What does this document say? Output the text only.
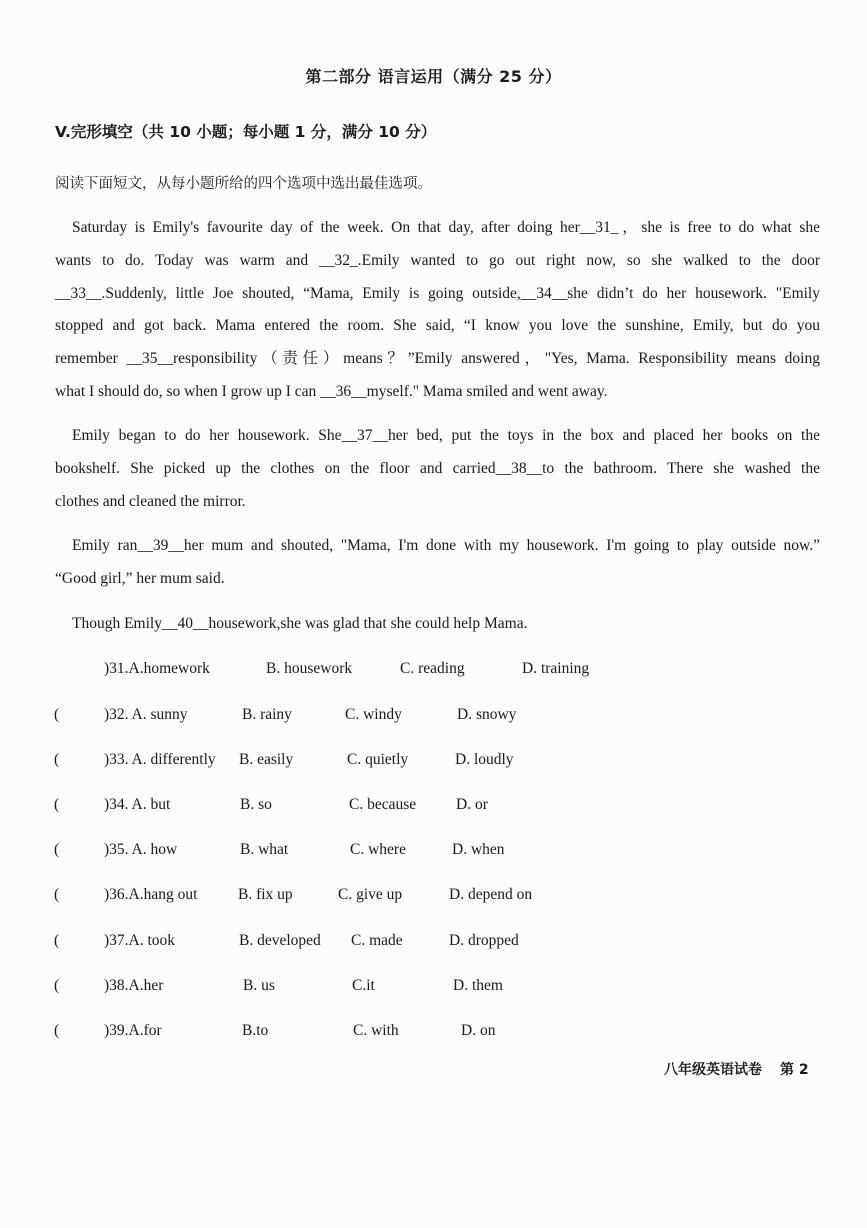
第二部分 语言运用（满分 25 分）
V.完形填空（共 10 小题；每小题 1 分，满分 10 分）
阅读下面短文，从每小题所给的四个选项中选出最佳选项。
Saturday is Emily's favourite day of the week. On that day, after doing her__31_，she is free to do what she
wants to do. Today was warm and __32_.Emily wanted to go out right now, so she walked to the door
__33__.Suddenly, little Joe shouted, “Mama, Emily is going outside,__34__she didn’t do her housework. "Emily
stopped and got back. Mama entered the room. She said, “I know you love the sunshine, Emily, but do you
remember __35__responsibility（责任）means？”Emily answered，"Yes, Mama. Responsibility means doing
what I should do, so when I grow up I can __36__myself." Mama smiled and went away.
Emily began to do her housework. She__37__her bed, put the toys in the box and placed her books on the
bookshelf. She picked up the clothes on the floor and carried__38__to the bathroom. There she washed the
clothes and cleaned the mirror.
Emily ran__39__her mum and shouted, "Mama, I'm done with my housework. I'm going to play outside now.”
“Good girl,” her mum said.
Though Emily__40__housework,she was glad that she could help Mama.
)31.A.homework	B. housework	C. reading	D. training
(	)32. A. sunny	B. rainy	C. windy	D. snowy
(	)33. A. differently B. easily	C. quietly	D. loudly
(	)34. A. but	B. so	C. because	D. or
(	)35. A. how	B. what	C. where	D. when
(	)36.A.hang out	B. fix up	C. give up	D. depend on
(	)37.A. took	B. developed C. made	D. dropped
(	)38.A.her	B. us	C.it	D. them
(	)39.A.for	B.to	C. with	D. on
八年级英语试卷 第 2
